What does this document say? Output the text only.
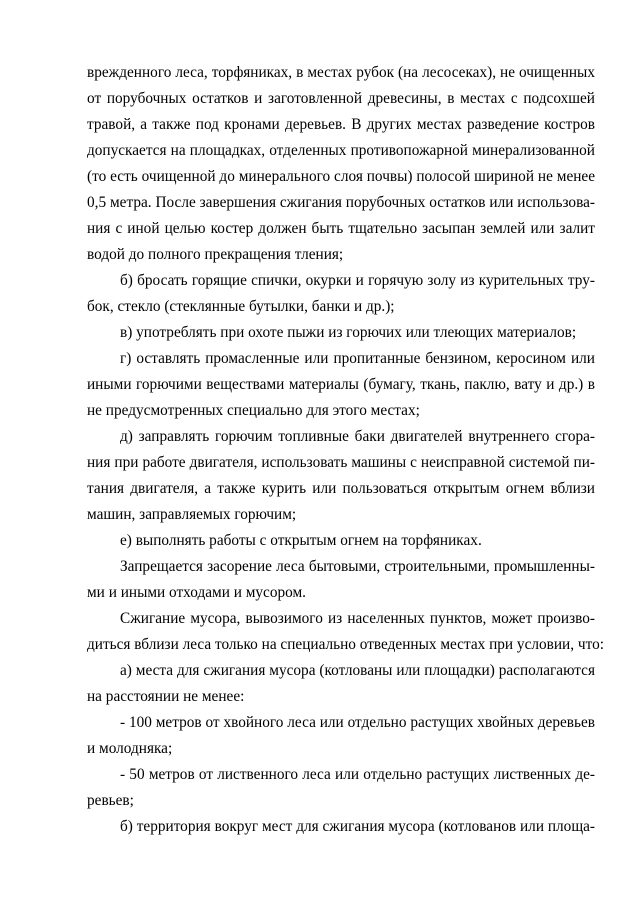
врежденного леса, торфяниках, в местах рубок (на лесосеках), не очищенных
от порубочных остатков и заготовленной древесины, в местах с подсохшей
травой, а также под кронами деревьев. В других местах разведение костров
допускается на площадках, отделенных противопожарной минерализованной
(то есть очищенной до минерального слоя почвы) полосой шириной не менее
0,5 метра. После завершения сжигания порубочных остатков или использова-
ния с иной целью костер должен быть тщательно засыпан землей или залит
водой до полного прекращения тления;
б) бросать горящие спички, окурки и горячую золу из курительных тру-
бок, стекло (стеклянные бутылки, банки и др.);
в) употреблять при охоте пыжи из горючих или тлеющих материалов;
г) оставлять промасленные или пропитанные бензином, керосином или
иными горючими веществами материалы (бумагу, ткань, паклю, вату и др.) в
не предусмотренных специально для этого местах;
д) заправлять горючим топливные баки двигателей внутреннего сгора-
ния при работе двигателя, использовать машины с неисправной системой пи-
тания двигателя, а также курить или пользоваться открытым огнем вблизи
машин, заправляемых горючим;
е) выполнять работы с открытым огнем на торфяниках.
Запрещается засорение леса бытовыми, строительными, промышленны-
ми и иными отходами и мусором.
Сжигание мусора, вывозимого из населенных пунктов, может произво-
диться вблизи леса только на специально отведенных местах при условии, что:
а) места для сжигания мусора (котлованы или площадки) располагаются
на расстоянии не менее:
- 100 метров от хвойного леса или отдельно растущих хвойных деревьев
и молодняка;
- 50 метров от лиственного леса или отдельно растущих лиственных де-
ревьев;
б) территория вокруг мест для сжигания мусора (котлованов или площа-
